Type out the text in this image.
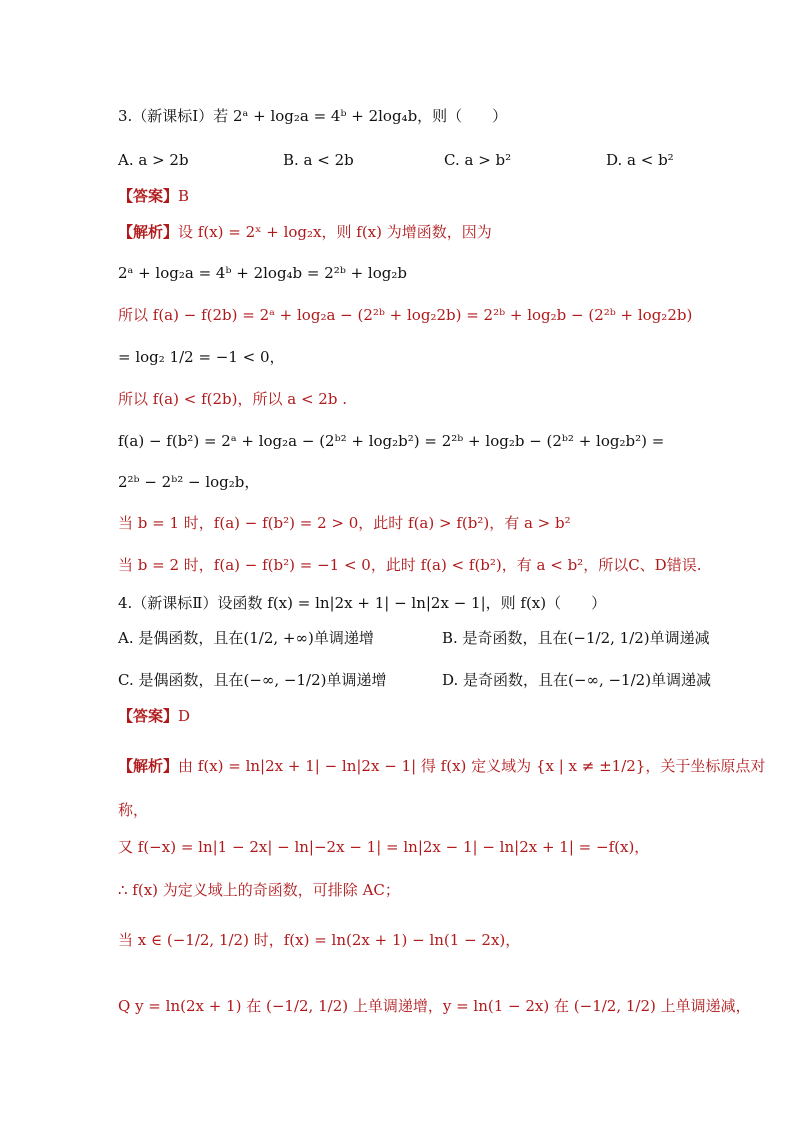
3.（新课标Ⅰ）若 2ᵃ + log₂a = 4ᵇ + 2log₄b，则（　　）
A. a > 2b	B. a < 2b	C. a > b²	D. a < b²
【答案】B
【解析】设 f(x) = 2ˣ + log₂x，则 f(x) 为增函数，因为
2ᵃ + log₂a = 4ᵇ + 2log₄b = 2²ᵇ + log₂b
所以 f(a) − f(2b) = 2ᵃ + log₂a − (2²ᵇ + log₂2b) = 2²ᵇ + log₂b − (2²ᵇ + log₂2b)
= log₂ 1/2 = −1 < 0，
所以 f(a) < f(2b)，所以 a < 2b .
f(a) − f(b²) = 2ᵃ + log₂a − (2ᵇ² + log₂b²) = 2²ᵇ + log₂b − (2ᵇ² + log₂b²) =
2²ᵇ − 2ᵇ² − log₂b，
当 b = 1 时，f(a) − f(b²) = 2 > 0，此时 f(a) > f(b²)，有 a > b²
当 b = 2 时，f(a) − f(b²) = −1 < 0，此时 f(a) < f(b²)，有 a < b²，所以C、D错误.
4.（新课标Ⅱ）设函数 f(x) = ln|2x + 1| − ln|2x − 1|，则 f(x)（　　）
A. 是偶函数，且在(1/2, +∞)单调递增	B. 是奇函数，且在(−1/2, 1/2)单调递减
C. 是偶函数，且在(−∞, −1/2)单调递增	D. 是奇函数，且在(−∞, −1/2)单调递减
【答案】D
【解析】由 f(x) = ln|2x + 1| − ln|2x − 1| 得 f(x) 定义域为 {x | x ≠ ±1/2}，关于坐标原点对
称，
又 f(−x) = ln|1 − 2x| − ln|−2x − 1| = ln|2x − 1| − ln|2x + 1| = −f(x)，
∴ f(x) 为定义域上的奇函数，可排除 AC；
当 x ∈ (−1/2, 1/2) 时，f(x) = ln(2x + 1) − ln(1 − 2x)，
Q y = ln(2x + 1) 在 (−1/2, 1/2) 上单调递增，y = ln(1 − 2x) 在 (−1/2, 1/2) 上单调递减，
